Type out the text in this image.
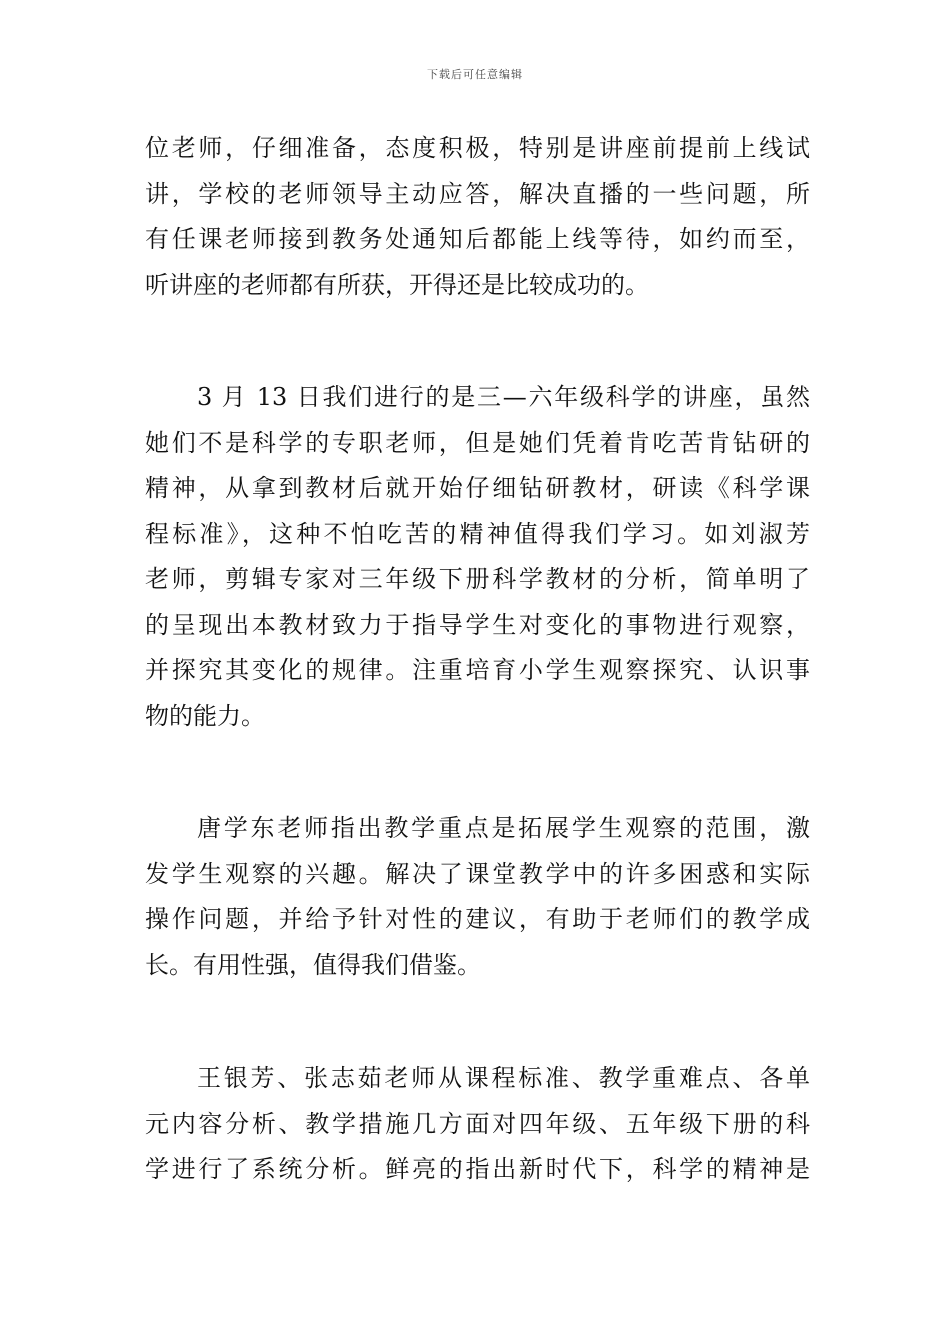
下载后可任意编辑
位老师，仔细准备，态度积极，特别是讲座前提前上线试
讲，学校的老师领导主动应答，解决直播的一些问题，所
有任课老师接到教务处通知后都能上线等待，如约而至，
听讲座的老师都有所获，开得还是比较成功的。
3 月 13 日我们进行的是三—六年级科学的讲座，虽然
她们不是科学的专职老师，但是她们凭着肯吃苦肯钻研的
精神，从拿到教材后就开始仔细钻研教材，研读《科学课
程标准》，这种不怕吃苦的精神值得我们学习。如刘淑芳
老师，剪辑专家对三年级下册科学教材的分析，简单明了
的呈现出本教材致力于指导学生对变化的事物进行观察，
并探究其变化的规律。注重培育小学生观察探究、认识事
物的能力。
唐学东老师指出教学重点是拓展学生观察的范围，激
发学生观察的兴趣。解决了课堂教学中的许多困惑和实际
操作问题，并给予针对性的建议，有助于老师们的教学成
长。有用性强，值得我们借鉴。
王银芳、张志茹老师从课程标准、教学重难点、各单
元内容分析、教学措施几方面对四年级、五年级下册的科
学进行了系统分析。鲜亮的指出新时代下，科学的精神是
